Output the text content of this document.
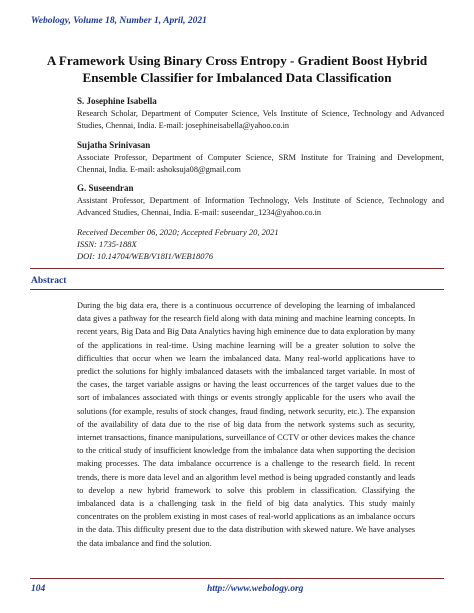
Webology, Volume 18, Number 1, April, 2021
A Framework Using Binary Cross Entropy - Gradient Boost Hybrid Ensemble Classifier for Imbalanced Data Classification
S. Josephine Isabella
Research Scholar, Department of Computer Science, Vels Institute of Science, Technology and Advanced Studies, Chennai, India. E-mail: josephineisabella@yahoo.co.in
Sujatha Srinivasan
Associate Professor, Department of Computer Science, SRM Institute for Training and Development, Chennai, India. E-mail: ashoksuja08@gmail.com
G. Suseendran
Assistant Professor, Department of Information Technology, Vels Institute of Science, Technology and Advanced Studies, Chennai, India. E-mail: suseendar_1234@yahoo.co.in
Received December 06, 2020; Accepted February 20, 2021
ISSN: 1735-188X
DOI: 10.14704/WEB/V18I1/WEB18076
Abstract
During the big data era, there is a continuous occurrence of developing the learning of imbalanced data gives a pathway for the research field along with data mining and machine learning concepts. In recent years, Big Data and Big Data Analytics having high eminence due to data exploration by many of the applications in real-time. Using machine learning will be a greater solution to solve the difficulties that occur when we learn the imbalanced data. Many real-world applications have to predict the solutions for highly imbalanced datasets with the imbalanced target variable. In most of the cases, the target variable assigns or having the least occurrences of the target values due to the sort of imbalances associated with things or events strongly applicable for the users who avail the solutions (for example, results of stock changes, fraud finding, network security, etc.). The expansion of the availability of data due to the rise of big data from the network systems such as security, internet transactions, finance manipulations, surveillance of CCTV or other devices makes the chance to the critical study of insufficient knowledge from the imbalance data when supporting the decision making processes. The data imbalance occurrence is a challenge to the research field. In recent trends, there is more data level and an algorithm level method is being upgraded constantly and leads to develop a new hybrid framework to solve this problem in classification. Classifying the imbalanced data is a challenging task in the field of big data analytics. This study mainly concentrates on the problem existing in most cases of real-world applications as an imbalance occurs in the data. This difficulty present due to the data distribution with skewed nature. We have analyses the data imbalance and find the solution.
104	http://www.webology.org
